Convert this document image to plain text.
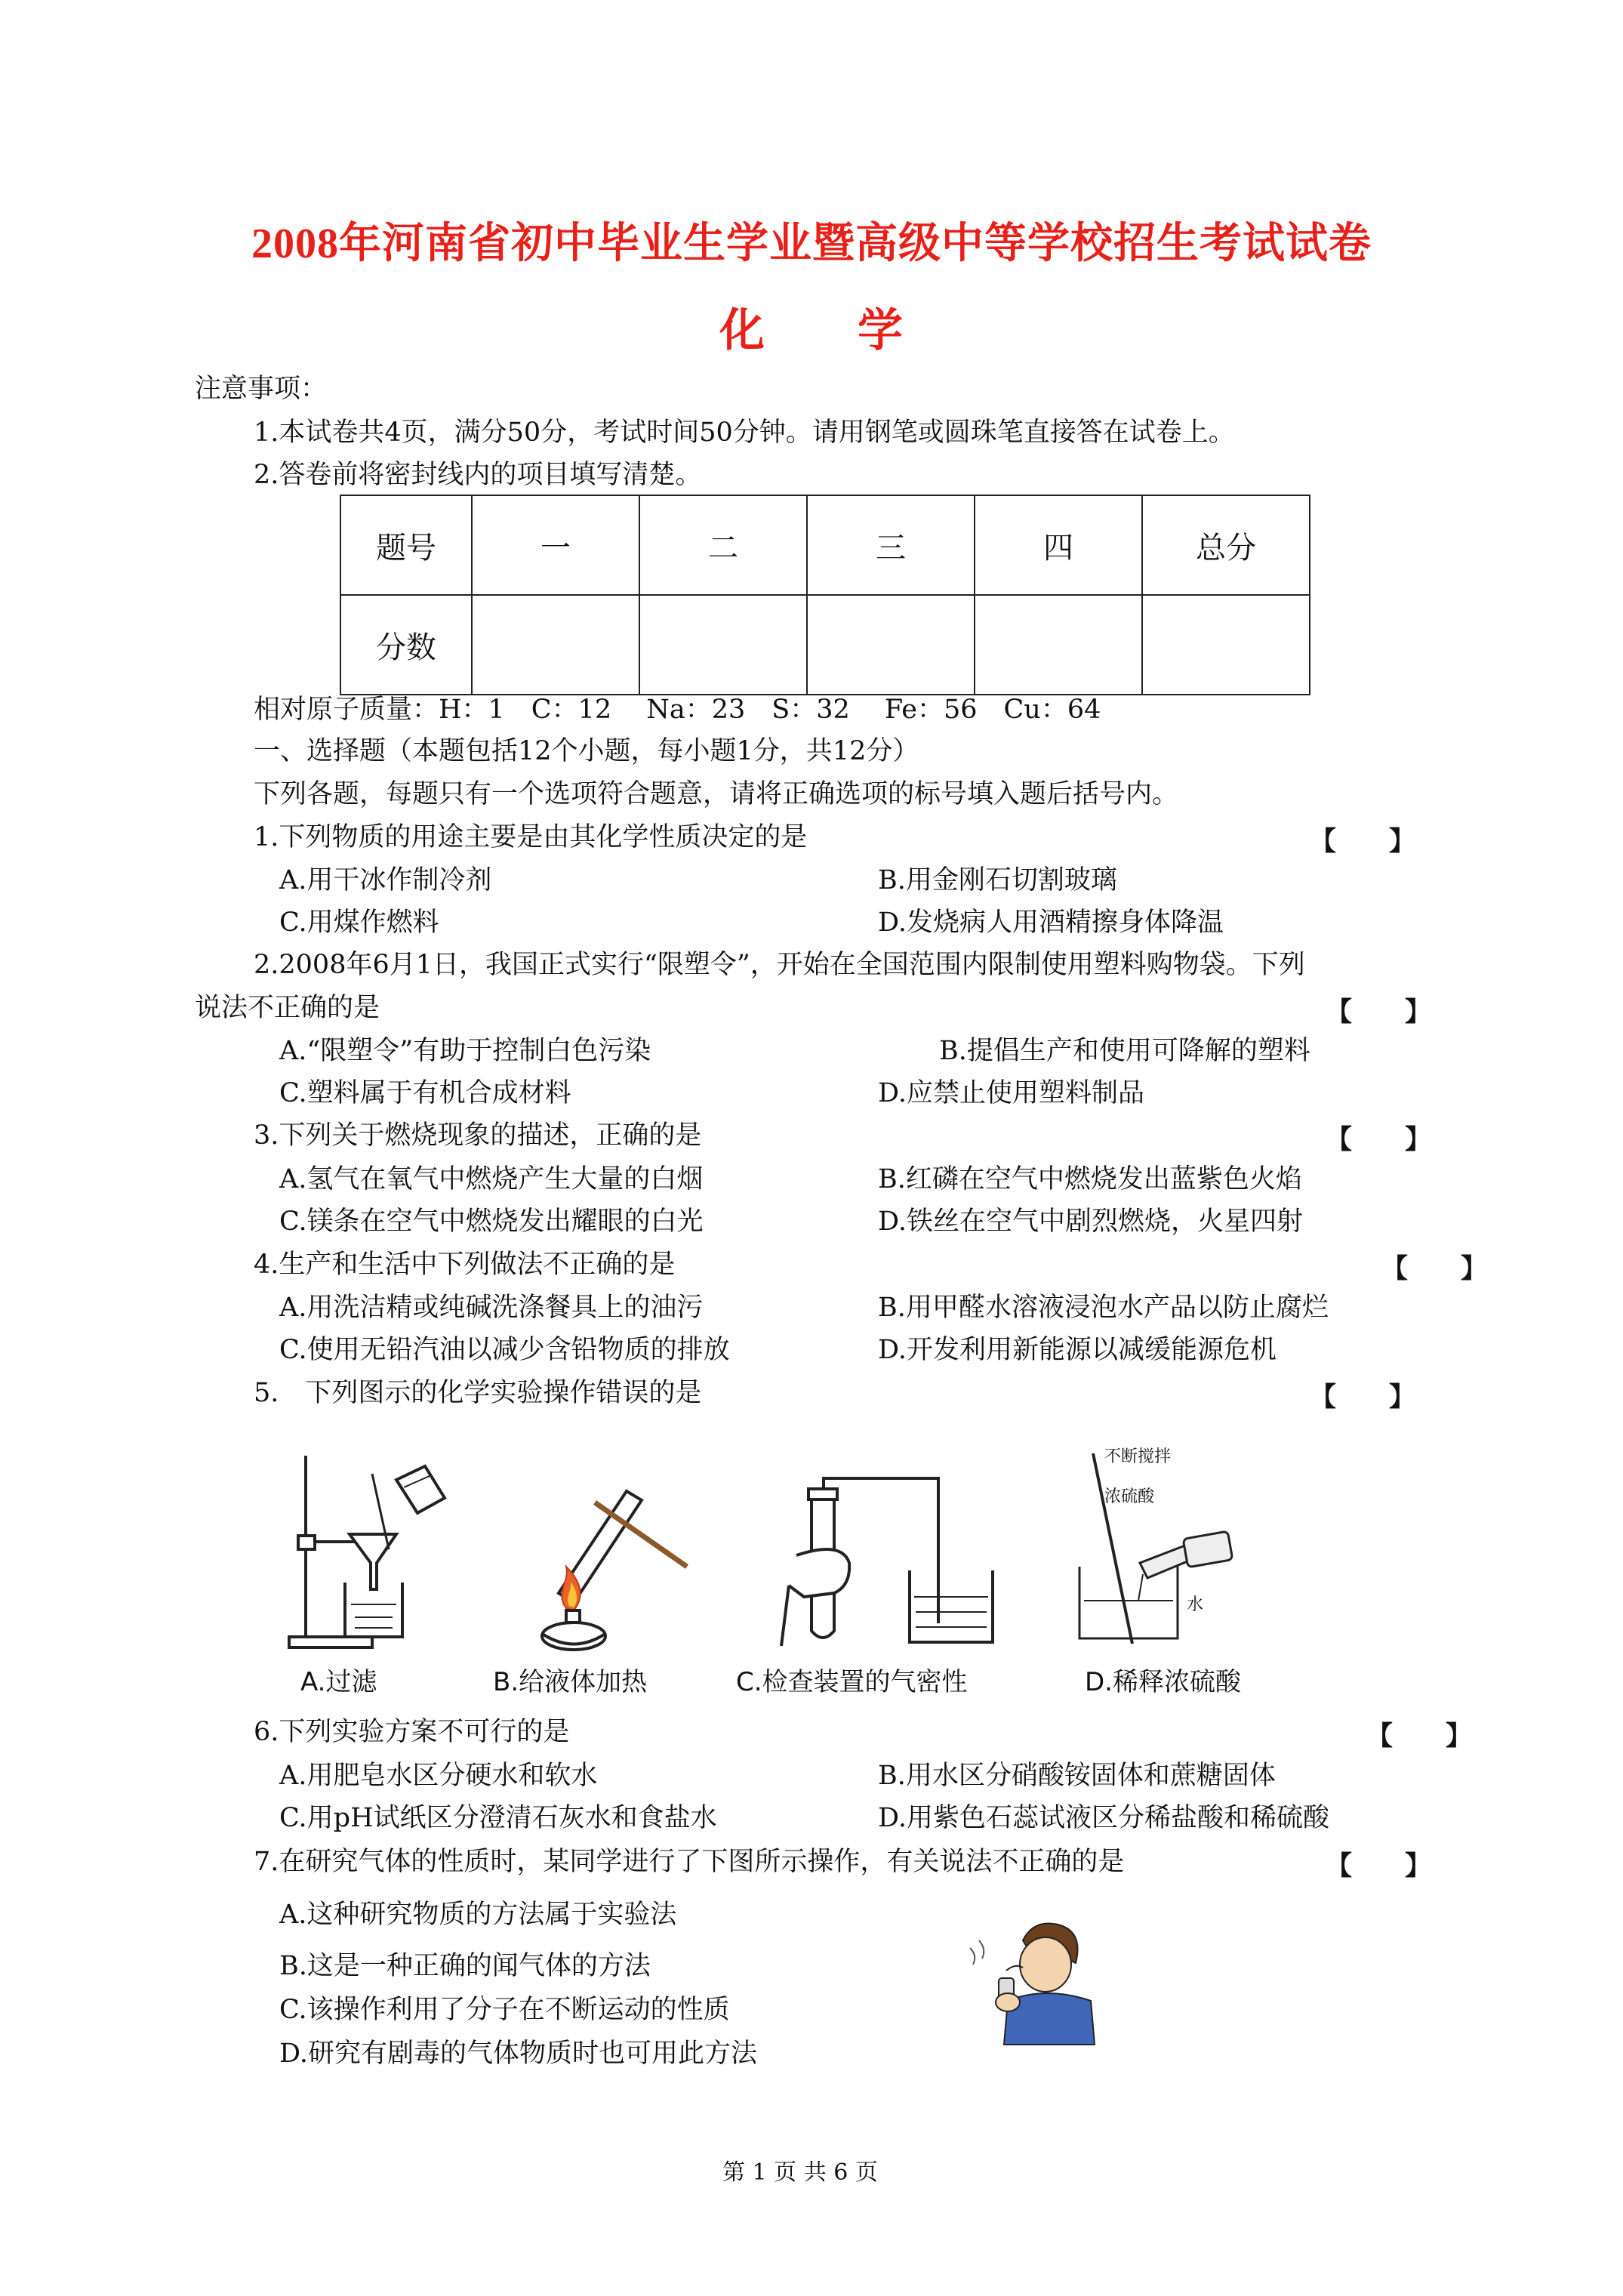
2008年河南省初中毕业生学业暨高级中等学校招生考试试卷
化　　学
注意事项：
1.本试卷共4页，满分50分，考试时间50分钟。请用钢笔或圆珠笔直接答在试卷上。
2.答卷前将密封线内的项目填写清楚。
题号	一	二	三	四	总分
分数					
相对原子质量：H：1　C：12　 Na：23　S：32　 Fe：56　Cu：64
一、选择题（本题包括12个小题，每小题1分，共12分）
下列各题，每题只有一个选项符合题意，请将正确选项的标号填入题后括号内。
1.下列物质的用途主要是由其化学性质决定的是	【　　】
A.用干冰作制冷剂	B.用金刚石切割玻璃
C.用煤作燃料	D.发烧病人用酒精擦身体降温
2.2008年6月1日，我国正式实行“限塑令”，开始在全国范围内限制使用塑料购物袋。下列
说法不正确的是	【　　】
A.“限塑令”有助于控制白色污染	B.提倡生产和使用可降解的塑料
C.塑料属于有机合成材料	D.应禁止使用塑料制品
3.下列关于燃烧现象的描述，正确的是	【　　】
A.氢气在氧气中燃烧产生大量的白烟	B.红磷在空气中燃烧发出蓝紫色火焰
C.镁条在空气中燃烧发出耀眼的白光	D.铁丝在空气中剧烈燃烧，火星四射
4.生产和生活中下列做法不正确的是	【　　】
A.用洗洁精或纯碱洗涤餐具上的油污	B.用甲醛水溶液浸泡水产品以防止腐烂
C.使用无铅汽油以减少含铅物质的排放	D.开发利用新能源以减缓能源危机
5.　下列图示的化学实验操作错误的是	【　　】
不断搅拌
浓硫酸
水
A.过滤	B.给液体加热	C.检查装置的气密性	D.稀释浓硫酸
6.下列实验方案不可行的是	【　　】
A.用肥皂水区分硬水和软水	B.用水区分硝酸铵固体和蔗糖固体
C.用pH试纸区分澄清石灰水和食盐水	D.用紫色石蕊试液区分稀盐酸和稀硫酸
7.在研究气体的性质时，某同学进行了下图所示操作，有关说法不正确的是	【　　】
A.这种研究物质的方法属于实验法
B.这是一种正确的闻气体的方法
C.该操作利用了分子在不断运动的性质
D.研究有剧毒的气体物质时也可用此方法
第 1 页 共 6 页
